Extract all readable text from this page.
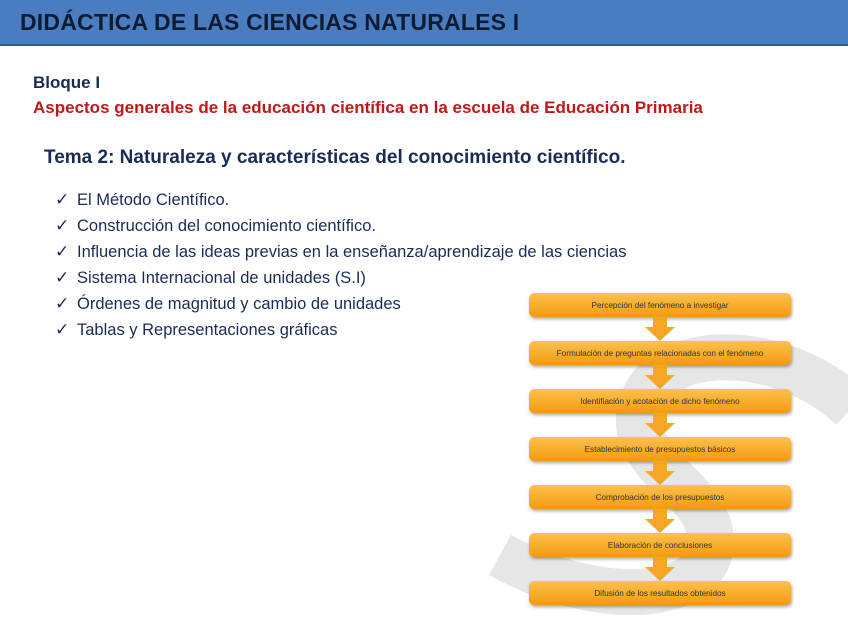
DIDÁCTICA DE LAS CIENCIAS NATURALES I
Bloque I
Aspectos generales de la educación científica en la escuela de Educación Primaria
Tema 2: Naturaleza y características del conocimiento científico.
✓ El Método Científico.
✓ Construcción del conocimiento científico.
✓ Influencia de las ideas previas en la enseñanza/aprendizaje de las ciencias
✓ Sistema Internacional de unidades (S.I)
✓ Órdenes de magnitud y cambio de unidades
✓ Tablas y Representaciones gráficas
Percepción del fenómeno a investigar
Formulación de preguntas relacionadas con el fenómeno
Identifiación y acotación de dicho fenómeno
Establecimiento de presupuestos básicos
Comprobación de los presupuestos
Elaboración de conclusiones
Difusión de los resultados obtenidos
